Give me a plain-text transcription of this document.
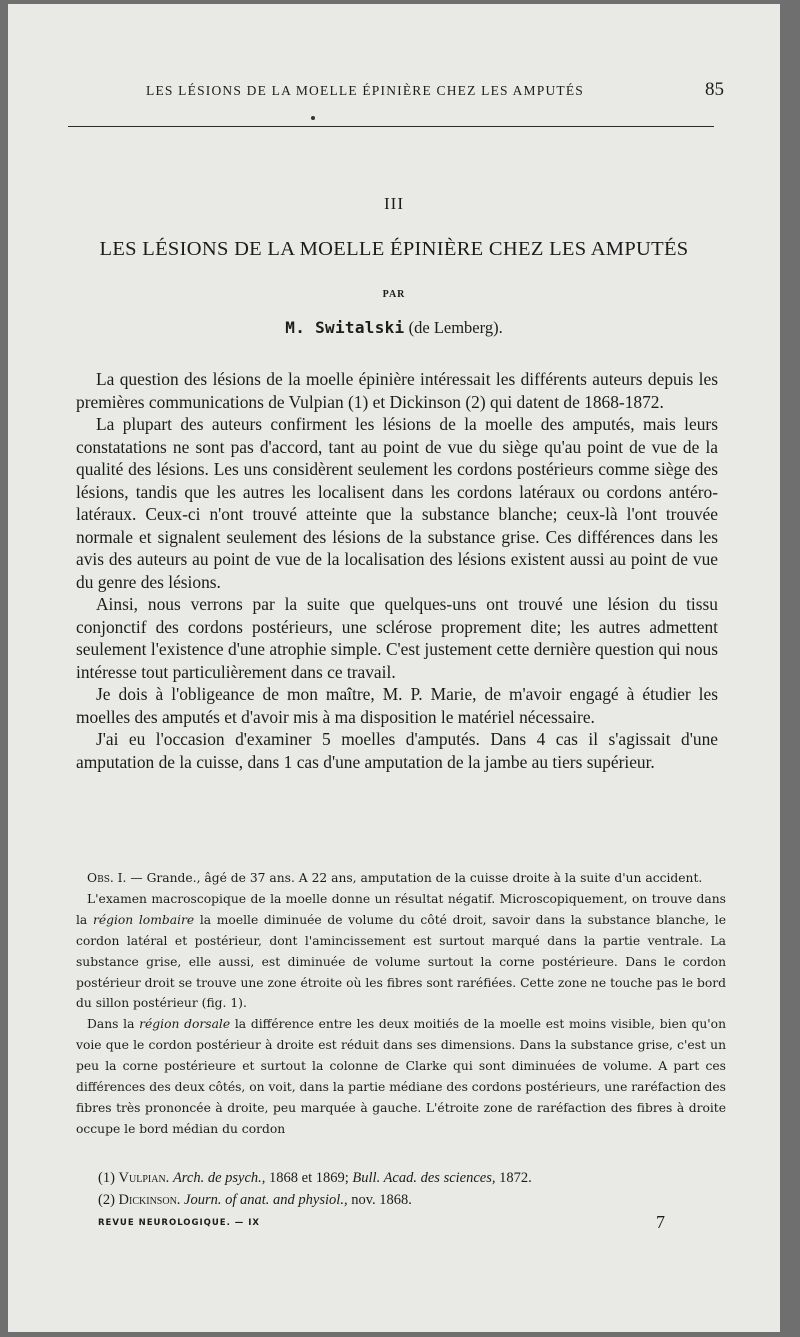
LES LÉSIONS DE LA MOELLE ÉPINIÈRE CHEZ LES AMPUTÉS	85
III
LES LÉSIONS DE LA MOELLE ÉPINIÈRE CHEZ LES AMPUTÉS
PAR
M. Switalski (de Lemberg).

La question des lésions de la moelle épinière intéressait les différents auteurs depuis les premières communications de Vulpian (1) et Dickinson (2) qui datent de 1868-1872.

La plupart des auteurs confirment les lésions de la moelle des amputés, mais leurs constatations ne sont pas d'accord, tant au point de vue du siège qu'au point de vue de la qualité des lésions. Les uns considèrent seulement les cordons postérieurs comme siège des lésions, tandis que les autres les localisent dans les cordons latéraux ou cordons antéro-latéraux. Ceux-ci n'ont trouvé atteinte que la substance blanche; ceux-là l'ont trouvée normale et signalent seulement des lésions de la substance grise. Ces différences dans les avis des auteurs au point de vue de la localisation des lésions existent aussi au point de vue du genre des lésions.

Ainsi, nous verrons par la suite que quelques-uns ont trouvé une lésion du tissu conjonctif des cordons postérieurs, une sclérose proprement dite; les autres admettent seulement l'existence d'une atrophie simple. C'est justement cette dernière question qui nous intéresse tout particulièrement dans ce travail.

Je dois à l'obligeance de mon maître, M. P. Marie, de m'avoir engagé à étudier les moelles des amputés et d'avoir mis à ma disposition le matériel nécessaire.

J'ai eu l'occasion d'examiner 5 moelles d'amputés. Dans 4 cas il s'agissait d'une amputation de la cuisse, dans 1 cas d'une amputation de la jambe au tiers supérieur.

Obs. I. — Grande., âgé de 37 ans. A 22 ans, amputation de la cuisse droite à la suite d'un accident.

L'examen macroscopique de la moelle donne un résultat négatif. Microscopiquement, on trouve dans la région lombaire la moelle diminuée de volume du côté droit, savoir dans la substance blanche, le cordon latéral et postérieur, dont l'amincissement est surtout marqué dans la partie ventrale. La substance grise, elle aussi, est diminuée de volume surtout la corne postérieure. Dans le cordon postérieur droit se trouve une zone étroite où les fibres sont raréfiées. Cette zone ne touche pas le bord du sillon postérieur (fig. 1).

Dans la région dorsale la différence entre les deux moitiés de la moelle est moins visible, bien qu'on voie que le cordon postérieur à droite est réduit dans ses dimensions. Dans la substance grise, c'est un peu la corne postérieure et surtout la colonne de Clarke qui sont diminuées de volume. A part ces différences des deux côtés, on voit, dans la partie médiane des cordons postérieurs, une raréfaction des fibres très prononcée à droite, peu marquée à gauche. L'étroite zone de raréfaction des fibres à droite occupe le bord médian du cordon

(1) Vulpian. Arch. de psych., 1868 et 1869; Bull. Acad. des sciences, 1872.
(2) Dickinson. Journ. of anat. and physiol., nov. 1868.
REVUE NEUROLOGIQUE. — IX	7
